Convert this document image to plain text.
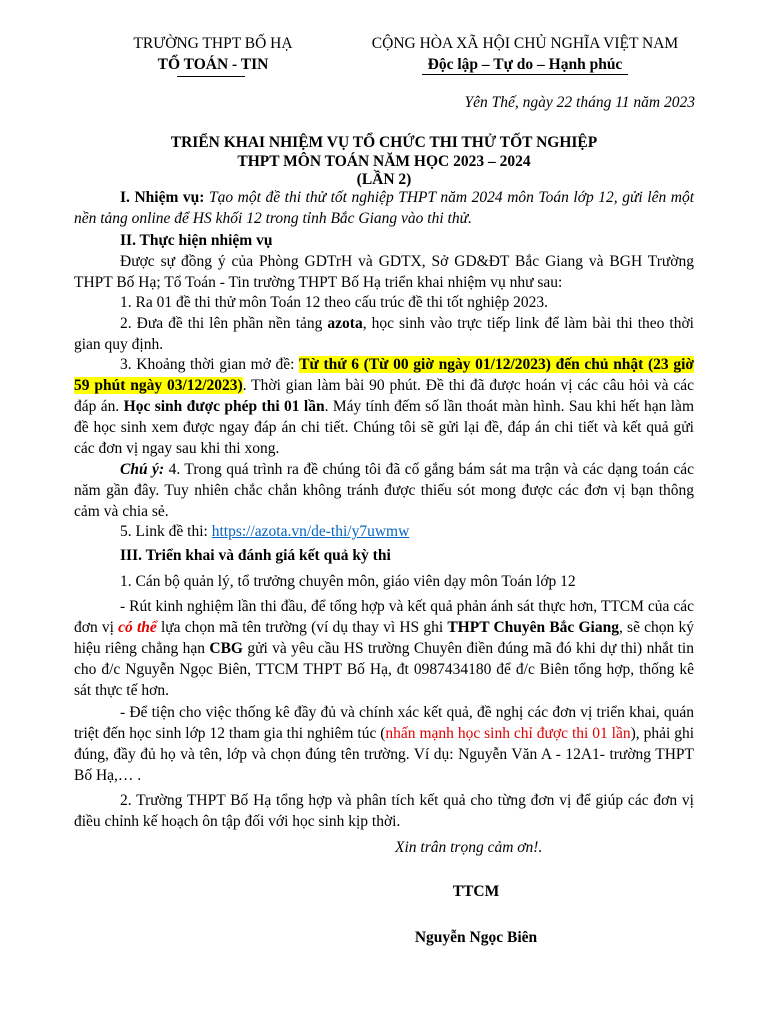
TRƯỜNG THPT BỐ HẠ
TỔ TOÁN - TIN
CỘNG HÒA XÃ HỘI CHỦ NGHĨA VIỆT NAM
Độc lập – Tự do – Hạnh phúc
Yên Thế, ngày 22 tháng 11 năm 2023
TRIỂN KHAI NHIỆM VỤ TỔ CHỨC THI THỬ TỐT NGHIỆP
THPT MÔN TOÁN NĂM HỌC 2023 – 2024
(LẦN 2)

I. Nhiệm vụ: Tạo một đề thi thử tốt nghiệp THPT năm 2024 môn Toán lớp 12, gửi lên một nền tảng online để HS khối 12 trong tỉnh Bắc Giang vào thi thử.

II. Thực hiện nhiệm vụ

Được sự đồng ý của Phòng GDTrH và GDTX, Sở GD&ĐT Bắc Giang và BGH Trường THPT Bố Hạ; Tổ Toán - Tin trường THPT Bố Hạ triển khai nhiệm vụ như sau:

1. Ra 01 đề thi thử môn Toán 12 theo cấu trúc đề thi tốt nghiệp 2023.

2. Đưa đề thi lên phần nền tảng azota, học sinh vào trực tiếp link để làm bài thi theo thời gian quy định.

3. Khoảng thời gian mở đề: Từ thứ 6 (Từ 00 giờ ngày 01/12/2023) đến chủ nhật (23 giờ 59 phút ngày 03/12/2023). Thời gian làm bài 90 phút. Đề thi đã được hoán vị các câu hỏi và các đáp án. Học sinh được phép thi 01 lần. Máy tính đếm số lần thoát màn hình. Sau khi hết hạn làm đề học sinh xem được ngay đáp án chi tiết. Chúng tôi sẽ gửi lại đề, đáp án chi tiết và kết quả gửi các đơn vị ngay sau khi thi xong.

Chú ý: 4. Trong quá trình ra đề chúng tôi đã cố gắng bám sát ma trận và các dạng toán các năm gần đây. Tuy nhiên chắc chắn không tránh được thiếu sót mong được các đơn vị bạn thông cảm và chia sẻ.

5. Link đề thi: https://azota.vn/de-thi/y7uwmw

III. Triển khai và đánh giá kết quả kỳ thi

1. Cán bộ quản lý, tổ trưởng chuyên môn, giáo viên dạy môn Toán lớp 12

- Rút kinh nghiệm lần thi đầu, để tổng hợp và kết quả phản ánh sát thực hơn, TTCM của các đơn vị có thể lựa chọn mã tên trường (ví dụ thay vì HS ghi THPT Chuyên Bắc Giang, sẽ chọn ký hiệu riêng chẳng hạn CBG gửi và yêu cầu HS trường Chuyên điền đúng mã đó khi dự thi) nhắt tin cho đ/c Nguyễn Ngọc Biên, TTCM THPT Bố Hạ, đt 0987434180 để đ/c Biên tổng hợp, thống kê sát thực tế hơn.

- Để tiện cho việc thống kê đầy đủ và chính xác kết quả, đề nghị các đơn vị triển khai, quán triệt đến học sinh lớp 12 tham gia thi nghiêm túc (nhấn mạnh học sinh chỉ được thi 01 lần), phải ghi đúng, đầy đủ họ và tên, lớp và chọn đúng tên trường. Ví dụ: Nguyễn Văn A - 12A1- trường THPT Bố Hạ,… .

2. Trường THPT Bố Hạ tổng hợp và phân tích kết quả cho từng đơn vị để giúp các đơn vị điều chỉnh kế hoạch ôn tập đối với học sinh kịp thời.

Xin trân trọng cảm ơn!.
TTCM
Nguyễn Ngọc Biên
